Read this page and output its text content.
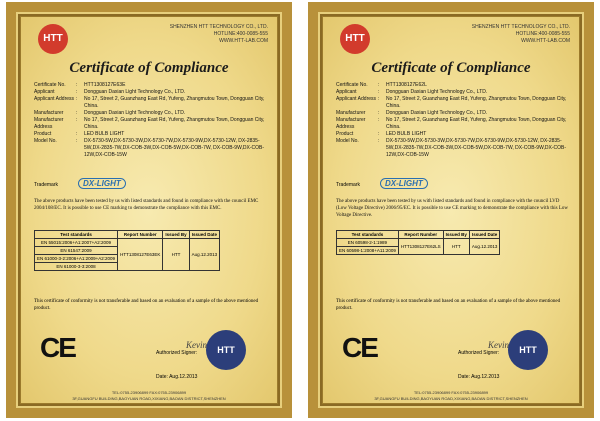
HTT
SHENZHEN HTT TECHNOLOGY CO., LTD.
HOTLINE:400-0085-555
WWW.HTT-LAB.COM
Certificate of Compliance
Certificate No.	:	HTT1308127E63E
Applicant	:	Dongguan Daxian Light Technology Co., LTD.
Applicant Address :	No 17, Street 2, Guanzhang East Rd, Yufeng, Zhangmutou Town, Dongguan City, China.
Manufacturer	:	Dongguan Daxian Light Technology Co., LTD.
Manufacturer Address
:	No 17, Street 2, Guanzhang East Rd, Yufeng, Zhangmutou Town, Dongguan City, China.
Product	:	LED BULB LIGHT
Model No.	:	DX-5730-5W,DX-5730-3W,DX-5730-7W,DX-5730-9W,DX-5730-12W, DX-2835-5W,DX-2835-7W,DX-COB-3W,DX-COB-5W,DX-COB-7W, DX-COB-9W,DX-COB-12W,DX-COB-15W
Trademark	DX-LIGHT
The above products have been tested by us with listed standards and found in compliance with the council EMC 2004/108/EC. It is possible to use CE marking to demonstrate the compliance with this EMC.
Test standards	Report Number	Issued By	Issued Date
EN 55015:2006+A1:2007+A2:2009	HTT1308127E63EK	HTT	Aug.12.2013
EN 61547:2009			
EN 61000-3-2:2006+A1:2009+A2:2009			
EN 61000-3-3:2008			
This certificate of conformity is not transferable and based on an evaluation of a sample of the above mentioned product.
CE	HTT
Authorized Signer:
Kevin
Date: Aug.12.2013
TEL:0755-23906899 FAX:0755-23906899
3F,GUANGFU BUILDING,BAOYUAN ROAD,XIXIANG,BAOAN DISTRICT,SHENZHEN
HTT
SHENZHEN HTT TECHNOLOGY CO., LTD.
HOTLINE:400-0085-555
WWW.HTT-LAB.COM
Certificate of Compliance
Certificate No.	:	HTT1308127E62L
Applicant	:	Dongguan Daxian Light Technology Co., LTD.
Applicant Address :	No 17, Street 2, Guanzhang East Rd, Yufeng, Zhangmutou Town, Dongguan City, China.
Manufacturer	:	Dongguan Daxian Light Technology Co., LTD.
Manufacturer Address
:	No 17, Street 2, Guanzhang East Rd, Yufeng, Zhangmutou Town, Dongguan City, China.
Product	:	LED BULB LIGHT
Model No.	:	DX-5730-5W,DX-5730-3W,DX-5730-7W,DX-5730-9W,DX-5730-12W, DX-2835-5W,DX-2835-7W,DX-COB-3W,DX-COB-5W,DX-COB-7W, DX-COB-9W,DX-COB-12W,DX-COB-15W
Trademark	DX-LIGHT
The above products have been tested by us with listed standards and found in compliance with the council LVD (Low Voltage Directive) 2006/95/EC. It is possible to use CE marking to demonstrate the compliance with this Low Voltage Directive.
Test standards	Report Number	Issued By	Issued Date
EN 60598-2-1:1989	HTT1308127E62LS	HTT	Aug.12.2013
EN 60598-1:2008+A11:2009			
This certificate of conformity is not transferable and based on an evaluation of a sample of the above mentioned product.
CE	HTT
Authorized Signer:
Kevin
Date: Aug.12.2013
TEL:0755-23906899 FAX:0755-23906899
3F,GUANGFU BUILDING,BAOYUAN ROAD,XIXIANG,BAOAN DISTRICT,SHENZHEN
